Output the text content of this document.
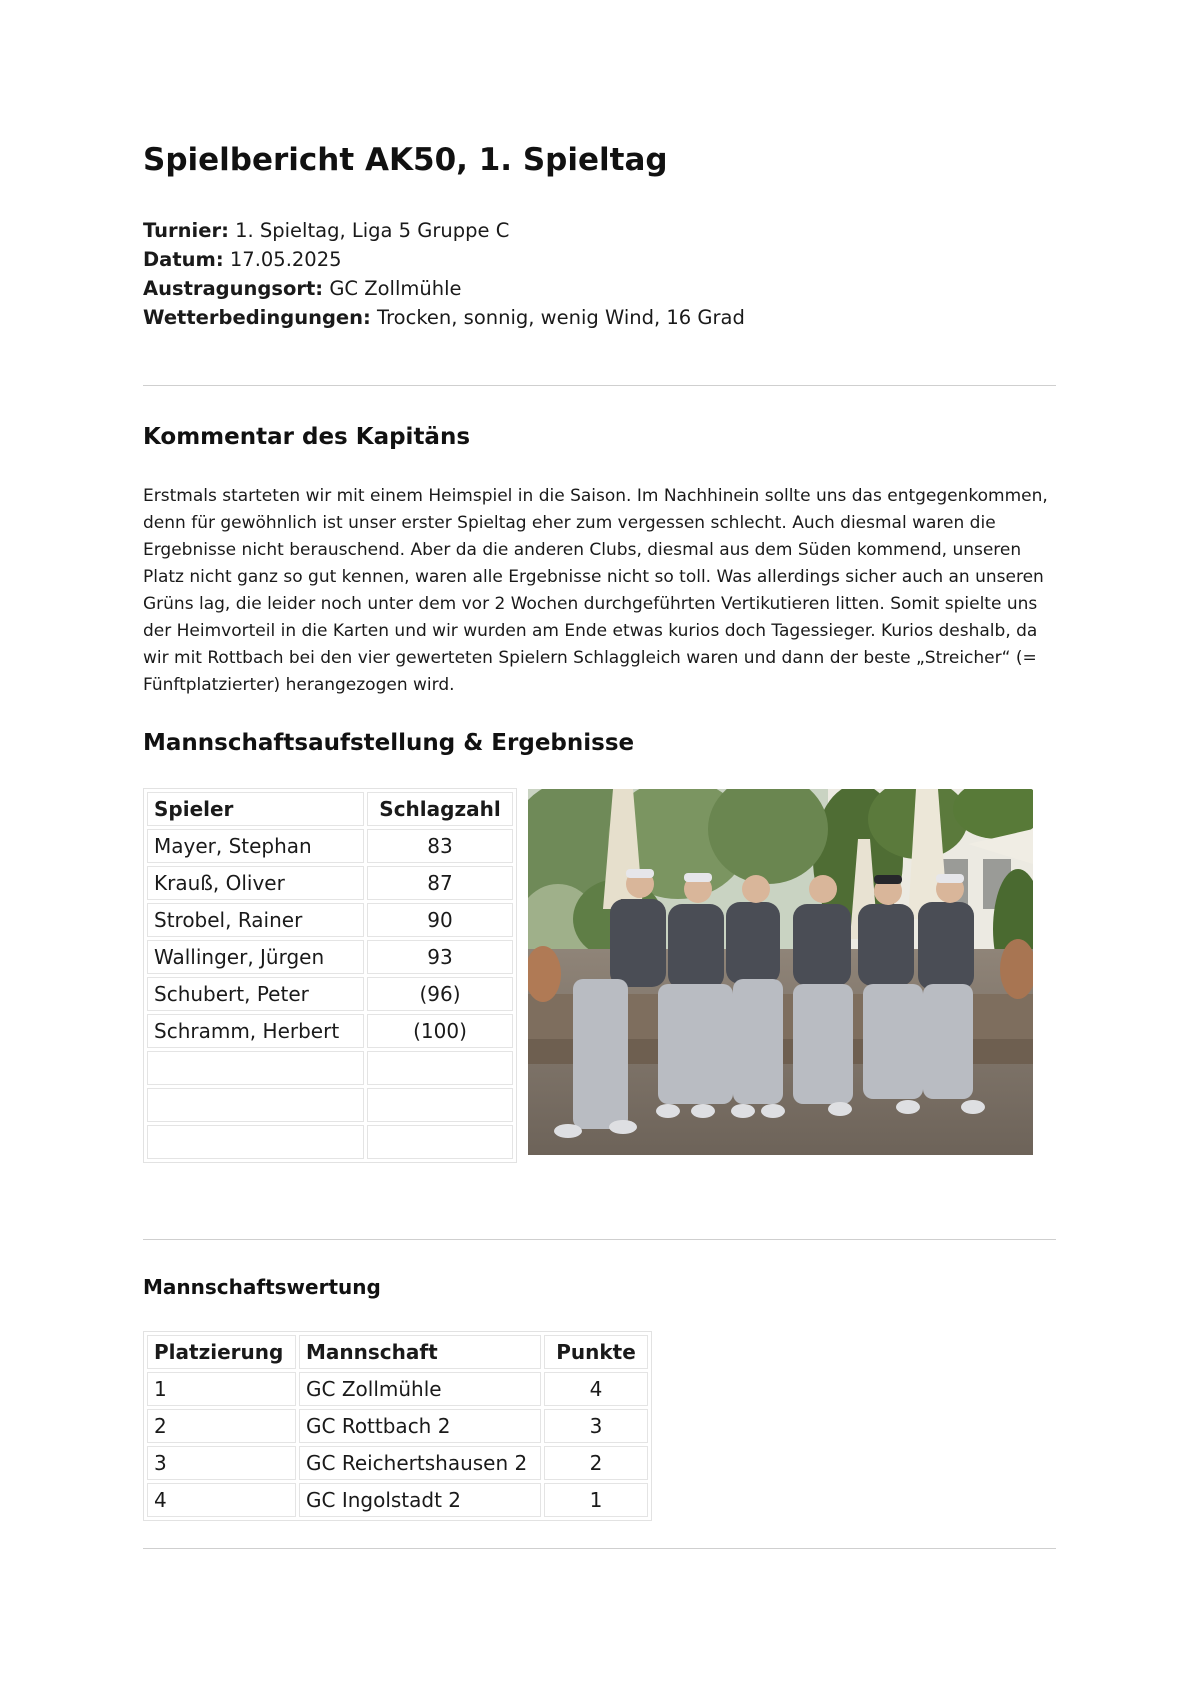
Spielbericht AK50, 1. Spieltag
Turnier: 1. Spieltag, Liga 5 Gruppe C
Datum: 17.05.2025
Austragungsort: GC Zollmühle
Wetterbedingungen: Trocken, sonnig, wenig Wind, 16 Grad
Kommentar des Kapitäns

Erstmals starteten wir mit einem Heimspiel in die Saison. Im Nachhinein sollte uns das entgegenkommen, denn für gewöhnlich ist unser erster Spieltag eher zum vergessen schlecht. Auch diesmal waren die Ergebnisse nicht berauschend. Aber da die anderen Clubs, diesmal aus dem Süden kommend, unseren Platz nicht ganz so gut kennen, waren alle Ergebnisse nicht so toll. Was allerdings sicher auch an unseren Grüns lag, die leider noch unter dem vor 2 Wochen durchgeführten Vertikutieren litten. Somit spielte uns der Heimvorteil in die Karten und wir wurden am Ende etwas kurios doch Tagessieger. Kurios deshalb, da wir mit Rottbach bei den vier gewerteten Spielern Schlaggleich waren und dann der beste „Streicher“ (= Fünftplatzierter) herangezogen wird.

Mannschaftsaufstellung & Ergebnisse
Spieler	Schlagzahl
Mayer, Stephan	83
Krauß, Oliver	87
Strobel, Rainer	90
Wallinger, Jürgen	93
Schubert, Peter	(96)
Schramm, Herbert	(100)

Mannschaftswertung
Platzierung	Mannschaft	Punkte
1	GC Zollmühle	4
2	GC Rottbach 2	3
3	GC Reichertshausen 2	2
4	GC Ingolstadt 2	1
